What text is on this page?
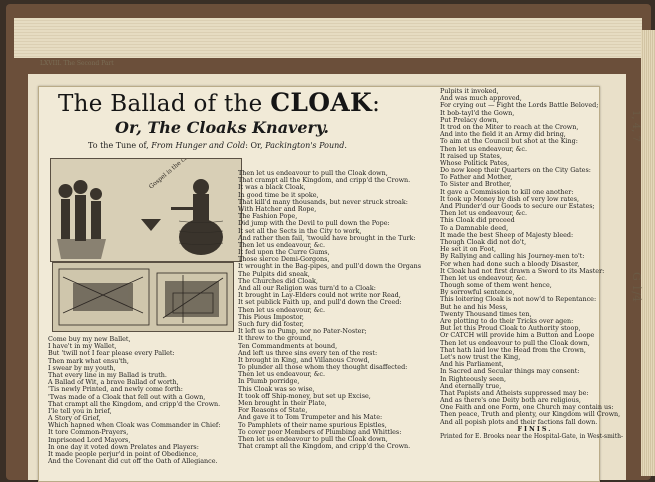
LXVIII. The Second Part
1, 4, 7
G 1/4
The Ballad of the CLOAK:
Or, The Cloaks Knavery.
To the Tune of, From Hunger and Cold: Or, Packington's Pound.
Come buy my new Ballet,
I have't in my Wallet,
But 'twill not I fear please every Pallet:
Then mark what ensu'th,
I swear by my youth,
That every line in my Ballad is truth.
A Ballad of Wit, a brave Ballad of worth,
'Tis newly Printed, and newly come forth:
'Twas made of a Cloak that fell out with a Gown,
That crampt all the Kingdom, and cripp'd the Crown.
I'le tell you in brief,
A Story of Grief,
Which hapned when Cloak was Commander in Chief:
It tore Common-Prayers,
Imprisoned Lord Mayors,
In one day it voted down Prelates and Players:
It made people perjur'd in point of Obedience,
And the Covenant did cut off the Oath of Allegiance.
Then let us endeavour to pull the Cloak down,
That crampt all the Kingdom, and cripp'd the Crown.
It was a black Cloak,
In good time be it spoke,
That kill'd many thousands, but never struck stroak:
With Hatcher and Rope,
The Fashion Pope,
Did jump with the Devil to pull down the Pope:
It set all the Sects in the City to work,
And rather then fail, 'twould have brought in the Turk:
Then let us endeavour, &c.
It fed upon the Curre Gums,
Those sierce Demi-Gorgons,
It wrought in the Bag-pipes, and pull'd down the Organs
The Pulpits did sneak,
The Churches did Cloak,
And all our Religion was turn'd to a Cloak:
It brought in Lay-Elders could not write nor Read,
It set publick Faith up, and pull'd down the Creed:
Then let us endeavour, &c.
This Pious Impostor,
Such fury did foster,
It left us no Pump, nor no Pater-Noster;
It threw to the ground,
Ten Commandments at bound,
And left us three sins every ten of the rest:
It brought in King, and Villanous Crowd,
To plunder all those whom they thought disaffected:
Then let us endeavour, &c.
In Plumb porridge,
This Cloak was so wise,
It took off Ship-money, but set up Excise,
Men brought in their Plate,
For Reasons of State,
And gave it to Tom Trumpeter and his Mate:
To Pamphlets of their name spurious Epistles,
To cover poor Members of Plumbing and Whittles:
Then let us endeavour to pull the Cloak down,
That crampt all the Kingdom, and cripp'd the Crown.
Pulpits it invoked,
And was much approved,
For crying out — Fight the Lords Battle Beloved;
It bob-tayl'd the Gown,
Put Prelacy down,
It trod on the Miter to reach at the Crown,
And into the field it an Army did bring,
To aim at the Council but shot at the King:
Then let us endeavour, &c.
It raised up States,
Whose Politick Pates,
Do now keep their Quarters on the City Gates:
To Father and Mother,
To Sister and Brother,
It gave a Commission to kill one another:
It took up Money by dish of very low rates,
And Plunder'd our Goods to secure our Estates;
Then let us endeavour, &c.
This Cloak did proceed
To a Damnable deed,
It made the best Sheep of Majesty bleed:
Though Cloak did not do't,
He set it on Foot,
By Rallying and calling his Journey-men to't:
For when had done such a bloody Disaster,
It Cloak had not first drawn a Sword to its Master:
Then let us endeavour, &c.
Though some of them went hence,
By sorrowful sentence,
This loitering Cloak is not now'd to Repentance:
But he and his Mess,
Twenty Thousand times ten,
Are plotting to do their Tricks over agen:
But let this Proud Cloak to Authority stoop,
Or CATCH will provide him a Button and Loope
Then let us endeavour to pull the Cloak down,
That hath laid low the Head from the Crown,
Let's now trust the King,
And his Parliament,
In Sacred and Secular things may consent:
In Righteously seen,
And eternally true,
That Papists and Atheists suppressed may be:
And as there's one Deity both are religious,
One Faith and one Form, one Church may contain us:
Then peace, Truth and plenty, our Kingdom will Crown,
And all popish plots and their factions fall down.
FINIS.
Printed for E. Brooks near the Hospital-Gate, in West-smith-
